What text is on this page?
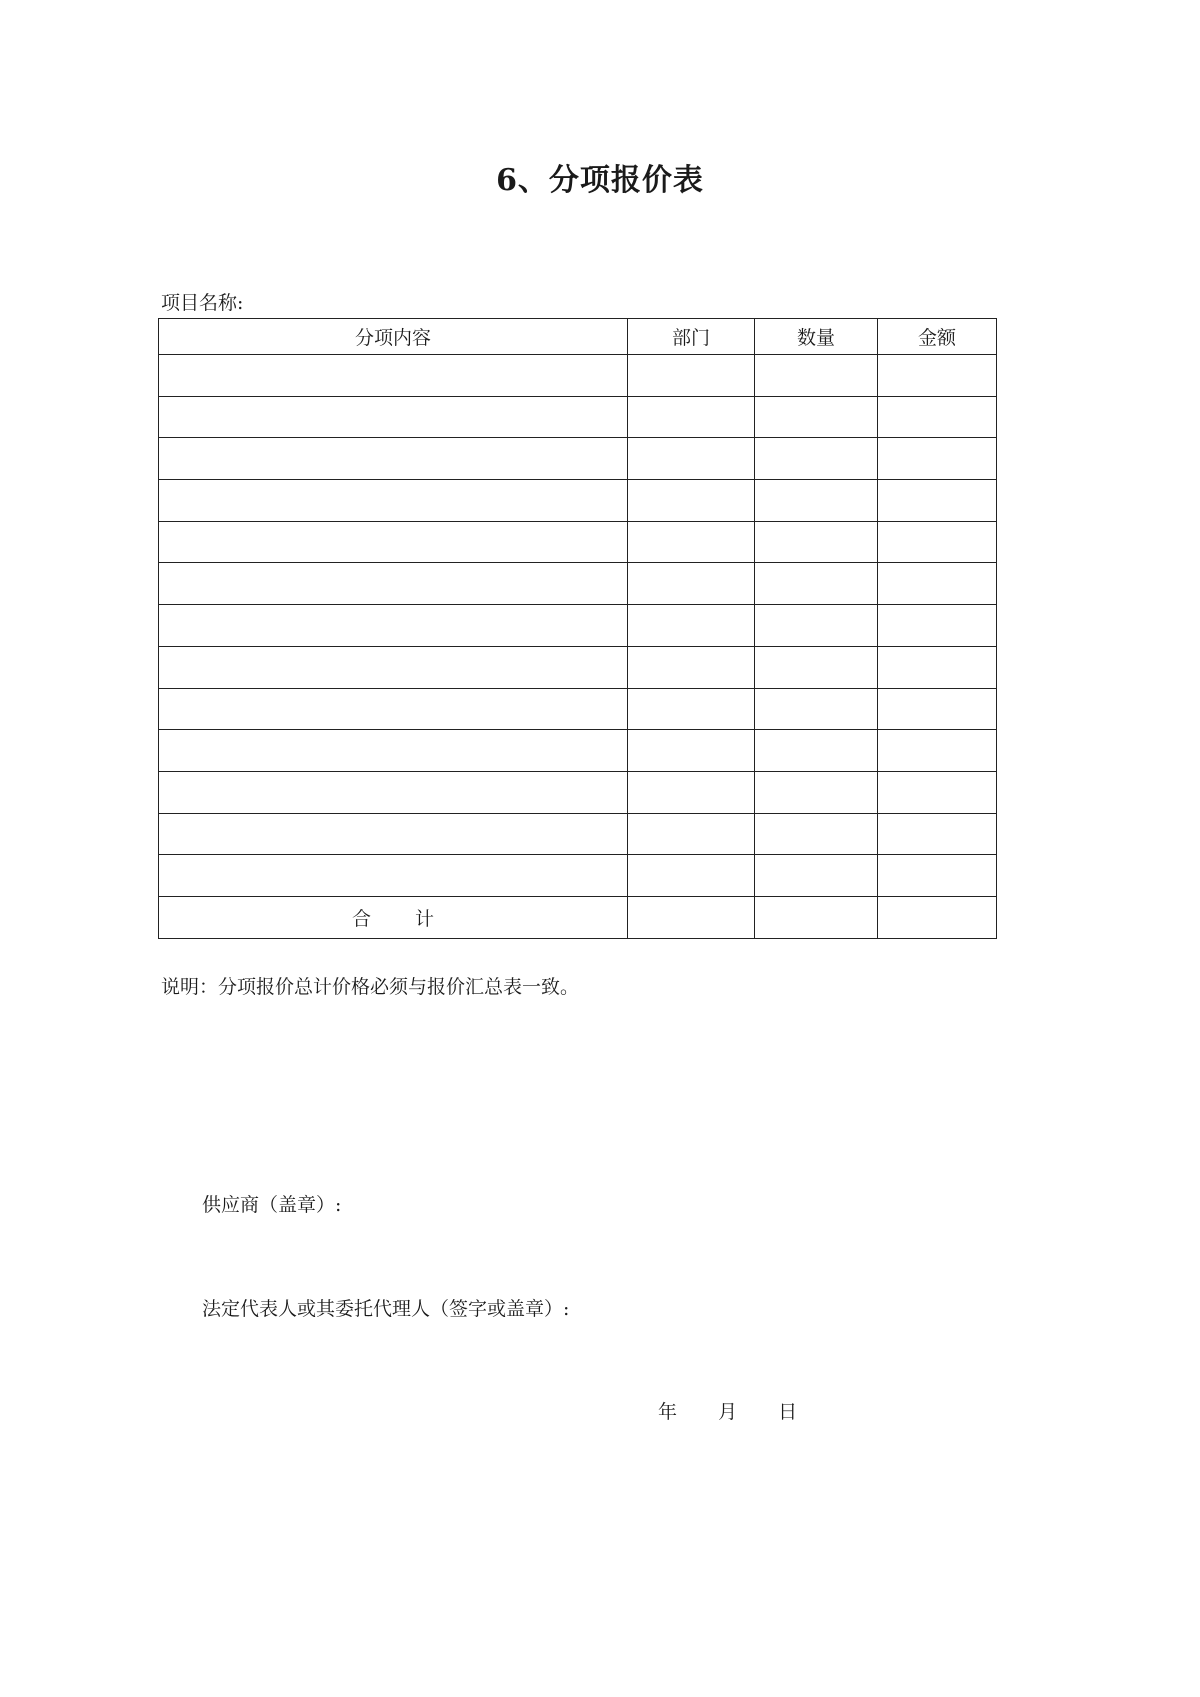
6、分项报价表
项目名称:
分项内容	部门	数量	金额

合 计			
说明：分项报价总计价格必须与报价汇总表一致。
供应商（盖章）:
法定代表人或其委托代理人（签字或盖章）:
年 月 日
